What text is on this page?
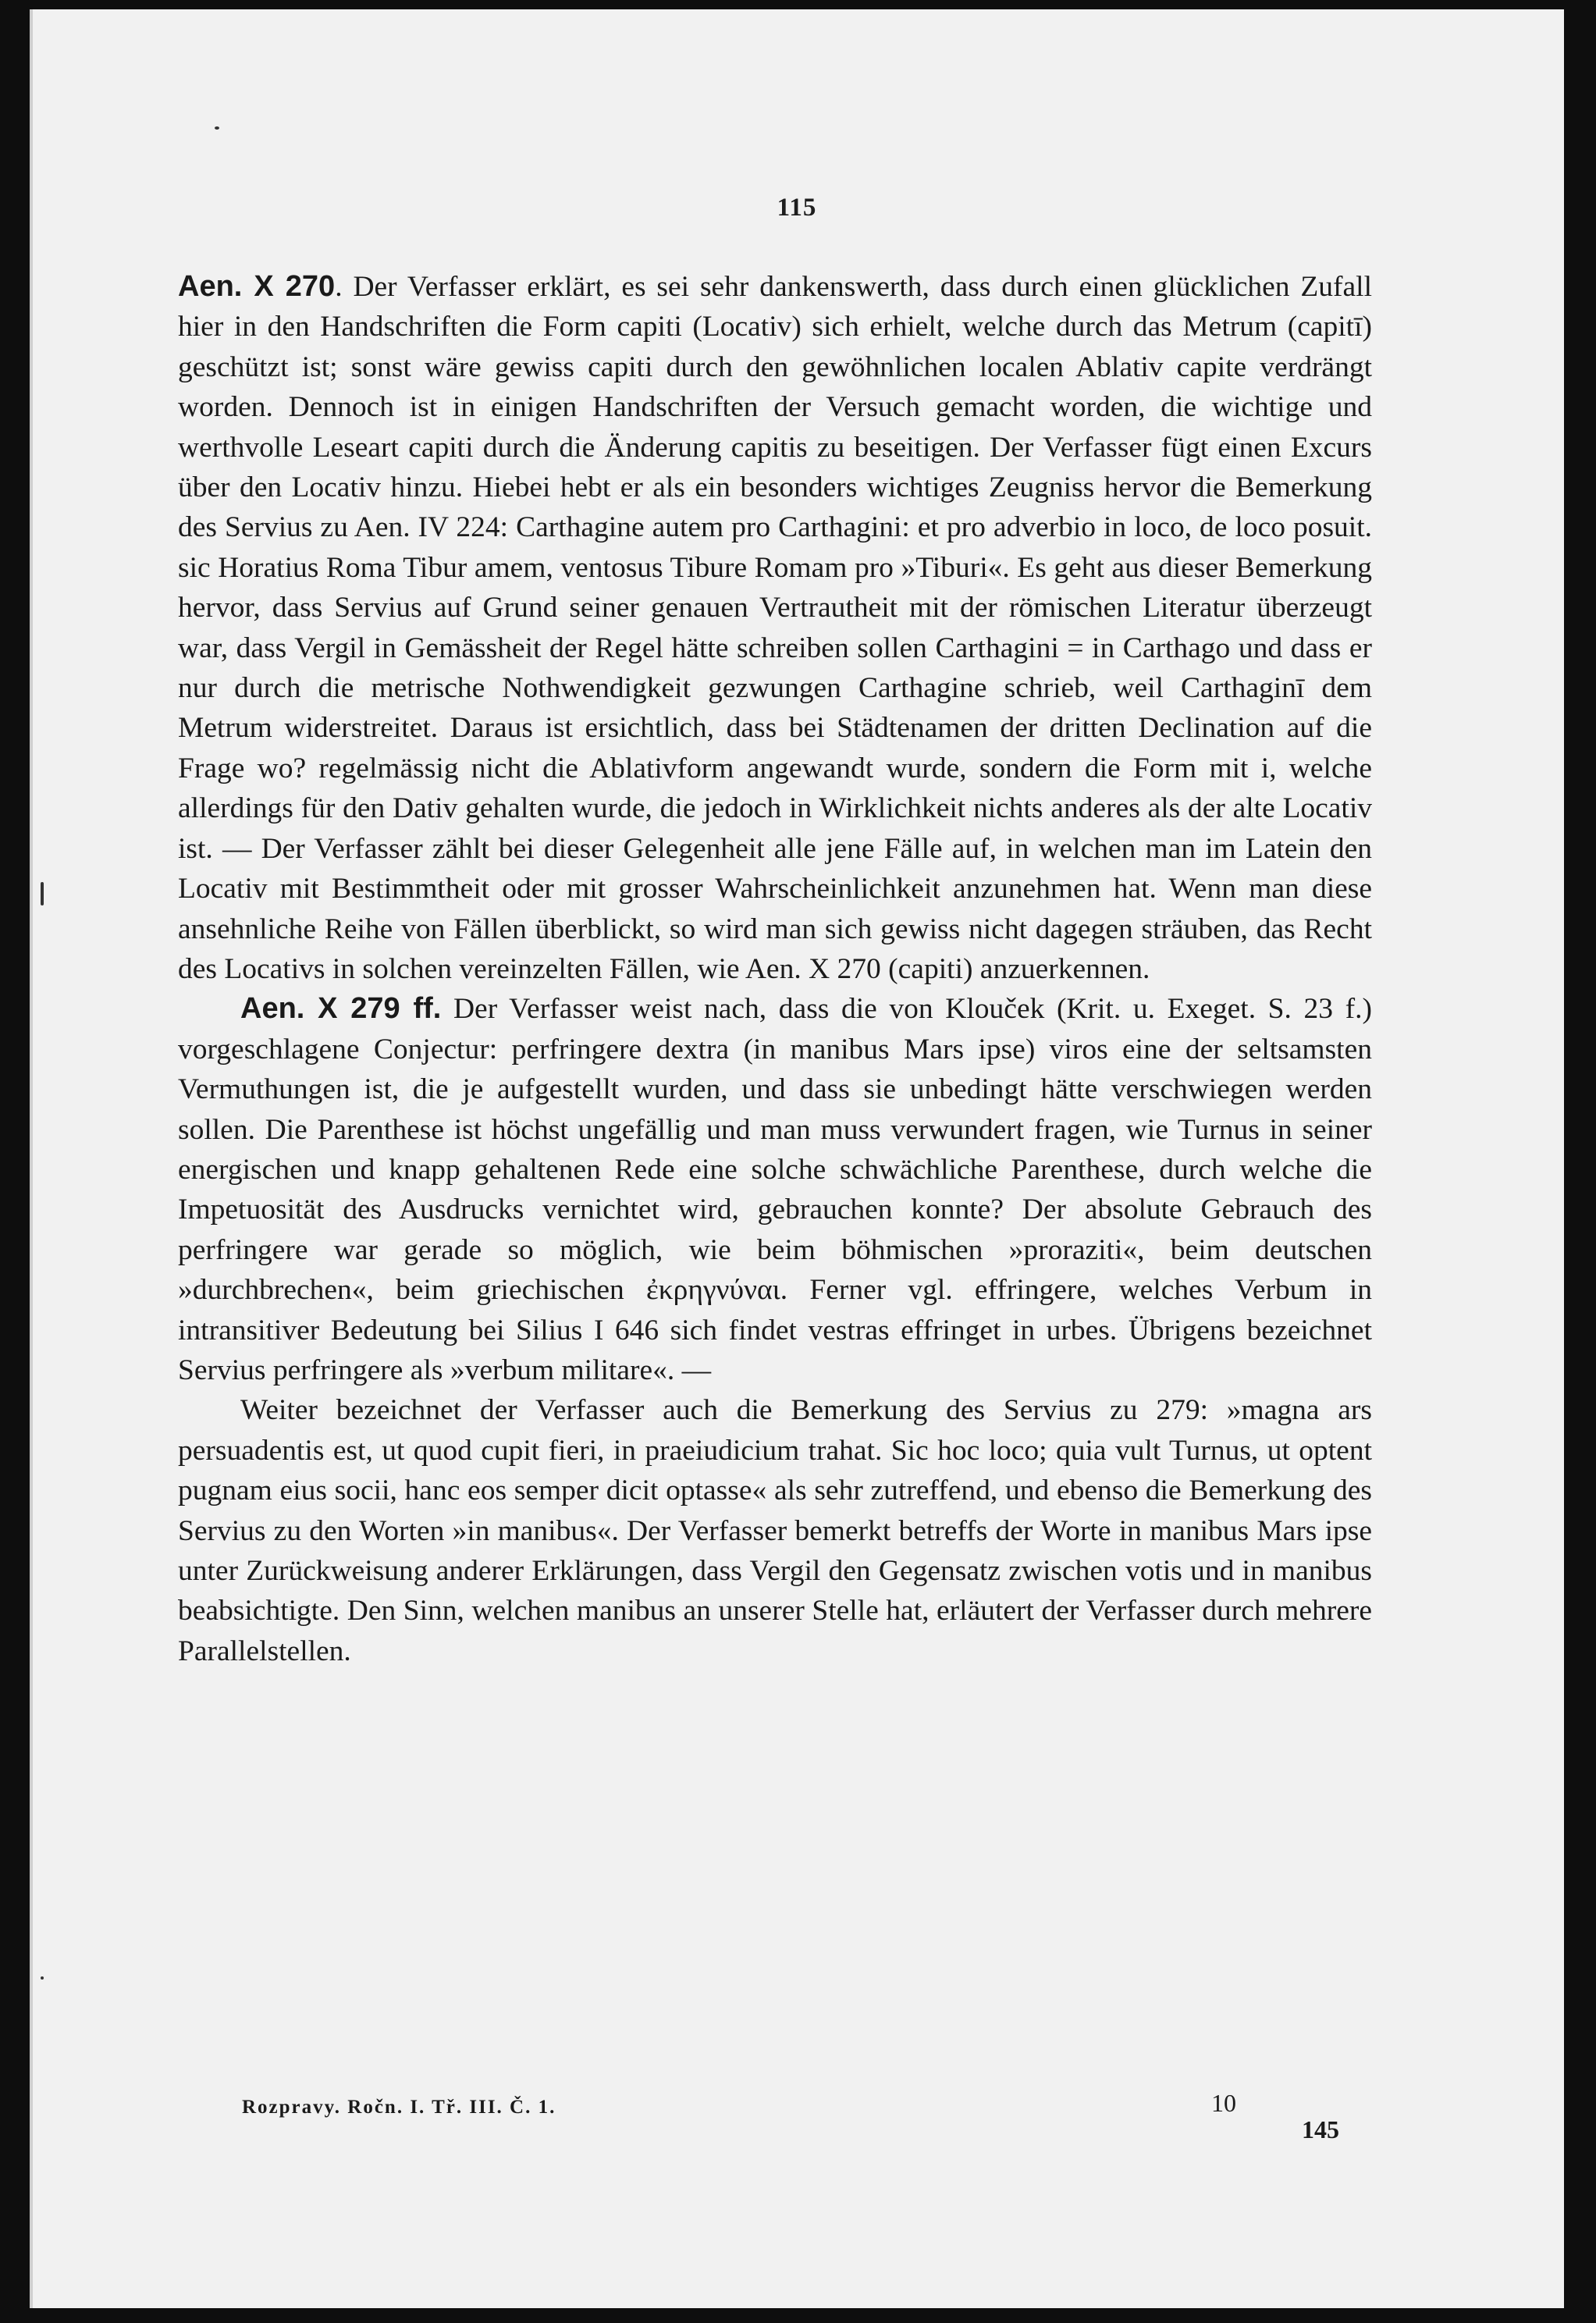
115

Aen. X 270. Der Verfasser erklärt, es sei sehr dankenswerth, dass durch einen glücklichen Zufall hier in den Handschriften die Form capiti (Locativ) sich erhielt, welche durch das Metrum (capitī) geschützt ist; sonst wäre gewiss capiti durch den gewöhnlichen localen Ablativ capite verdrängt worden. Dennoch ist in einigen Handschriften der Versuch gemacht worden, die wichtige und werthvolle Leseart capiti durch die Änderung capitis zu beseitigen. Der Verfasser fügt einen Excurs über den Locativ hinzu. Hiebei hebt er als ein besonders wichtiges Zeugniss hervor die Bemerkung des Servius zu Aen. IV 224: Carthagine autem pro Carthagini: et pro adverbio in loco, de loco posuit. sic Horatius Roma Tibur amem, ventosus Tibure Romam pro »Tiburi«. Es geht aus dieser Bemerkung hervor, dass Servius auf Grund seiner genauen Vertrautheit mit der römischen Literatur überzeugt war, dass Vergil in Gemässheit der Regel hätte schreiben sollen Carthagini = in Carthago und dass er nur durch die metrische Nothwendigkeit gezwungen Carthagine schrieb, weil Carthaginī dem Metrum widerstreitet. Daraus ist ersichtlich, dass bei Städtenamen der dritten Declination auf die Frage wo? regelmässig nicht die Ablativform angewandt wurde, sondern die Form mit i, welche allerdings für den Dativ gehalten wurde, die jedoch in Wirklichkeit nichts anderes als der alte Locativ ist. — Der Verfasser zählt bei dieser Gelegenheit alle jene Fälle auf, in welchen man im Latein den Locativ mit Bestimmtheit oder mit grosser Wahrscheinlichkeit anzunehmen hat. Wenn man diese ansehnliche Reihe von Fällen überblickt, so wird man sich gewiss nicht dagegen sträuben, das Recht des Locativs in solchen vereinzelten Fällen, wie Aen. X 270 (capiti) anzuerkennen.

Aen. X 279 ff. Der Verfasser weist nach, dass die von Klouček (Krit. u. Exeget. S. 23 f.) vorgeschlagene Conjectur: perfringere dextra (in manibus Mars ipse) viros eine der seltsamsten Vermuthungen ist, die je aufgestellt wurden, und dass sie unbedingt hätte verschwiegen werden sollen. Die Parenthese ist höchst ungefällig und man muss verwundert fragen, wie Turnus in seiner energischen und knapp gehaltenen Rede eine solche schwächliche Parenthese, durch welche die Impetuosität des Ausdrucks vernichtet wird, gebrauchen konnte? Der absolute Gebrauch des perfringere war gerade so möglich, wie beim böhmischen »proraziti«, beim deutschen »durchbrechen«, beim griechischen ἐκρηγνύναι. Ferner vgl. effringere, welches Verbum in intransitiver Bedeutung bei Silius I 646 sich findet vestras effringet in urbes. Übrigens bezeichnet Servius perfringere als »verbum militare«. —

Weiter bezeichnet der Verfasser auch die Bemerkung des Servius zu 279: »magna ars persuadentis est, ut quod cupit fieri, in praeiudicium trahat. Sic hoc loco; quia vult Turnus, ut optent pugnam eius socii, hanc eos semper dicit optasse« als sehr zutreffend, und ebenso die Bemerkung des Servius zu den Worten »in manibus«. Der Verfasser bemerkt betreffs der Worte in manibus Mars ipse unter Zurückweisung anderer Erklärungen, dass Vergil den Gegensatz zwischen votis und in manibus beabsichtigte. Den Sinn, welchen manibus an unserer Stelle hat, erläutert der Verfasser durch mehrere Parallelstellen.

Rozpravy. Ročn. I. Tř. III. Č. 1.	10
145
